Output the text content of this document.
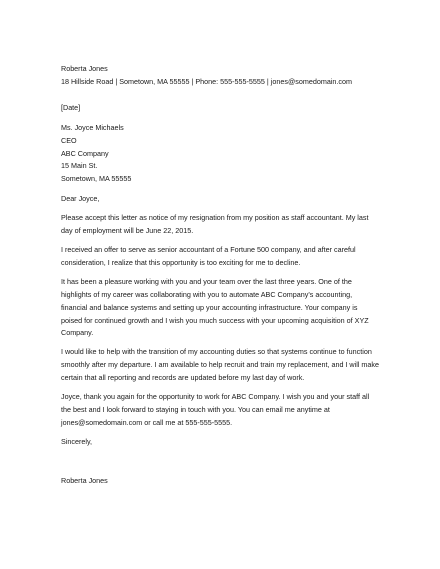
Roberta Jones
18 Hillside Road | Sometown, MA 55555 | Phone: 555-555-5555 | jones@somedomain.com
[Date]
Ms. Joyce Michaels
CEO
ABC Company
15 Main St.
Sometown, MA 55555
Dear Joyce,
Please accept this letter as notice of my resignation from my position as staff accountant. My last
day of employment will be June 22, 2015.
I received an offer to serve as senior accountant of a Fortune 500 company, and after careful
consideration, I realize that this opportunity is too exciting for me to decline.
It has been a pleasure working with you and your team over the last three years. One of the
highlights of my career was collaborating with you to automate ABC Company’s accounting,
financial and balance systems and setting up your accounting infrastructure. Your company is
poised for continued growth and I wish you much success with your upcoming acquisition of XYZ
Company.
I would like to help with the transition of my accounting duties so that systems continue to function
smoothly after my departure. I am available to help recruit and train my replacement, and I will make
certain that all reporting and records are updated before my last day of work.
Joyce, thank you again for the opportunity to work for ABC Company. I wish you and your staff all
the best and I look forward to staying in touch with you. You can email me anytime at
jones@somedomain.com or call me at 555-555-5555.
Sincerely,
Roberta Jones
